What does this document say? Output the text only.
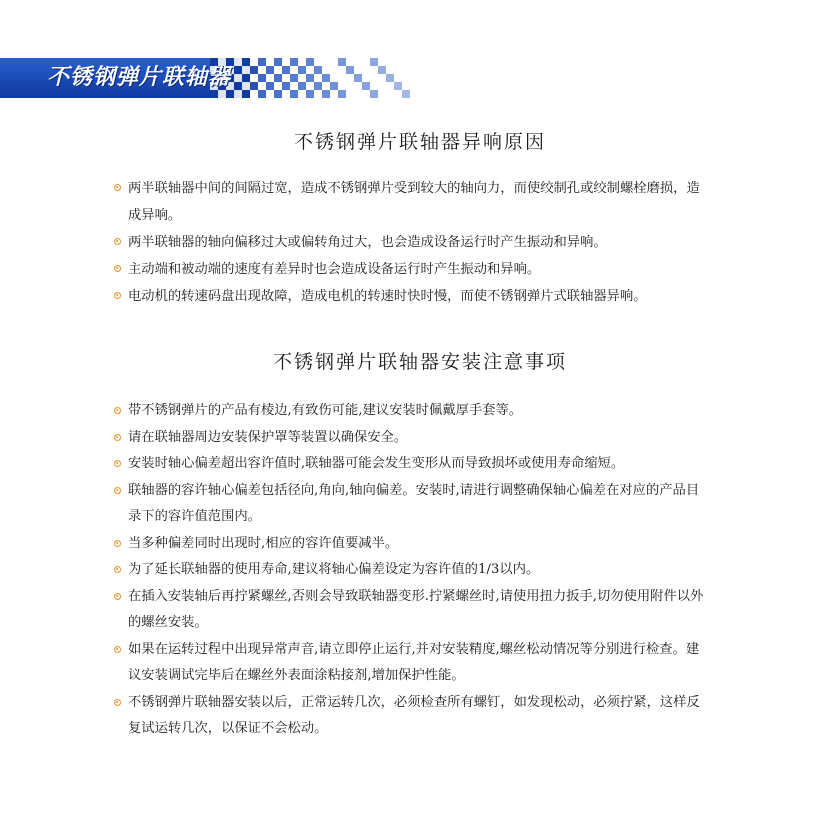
不锈钢弹片联轴器
不锈钢弹片联轴器异响原因
两半联轴器中间的间隔过宽，造成不锈钢弹片受到较大的轴向力，而使绞制孔或绞制螺栓磨损，造成异响。
两半联轴器的轴向偏移过大或偏转角过大，也会造成设备运行时产生振动和异响。
主动端和被动端的速度有差异时也会造成设备运行时产生振动和异响。
电动机的转速码盘出现故障，造成电机的转速时快时慢，而使不锈钢弹片式联轴器异响。
不锈钢弹片联轴器安装注意事项
带不锈钢弹片的产品有棱边,有致伤可能,建议安装时佩戴厚手套等。
请在联轴器周边安装保护罩等装置以确保安全。
安装时轴心偏差超出容许值时,联轴器可能会发生变形从而导致损坏或使用寿命缩短。
联轴器的容许轴心偏差包括径向,角向,轴向偏差。安装时,请进行调整确保轴心偏差在对应的产品目录下的容许值范围内。
当多种偏差同时出现时,相应的容许值要减半。
为了延长联轴器的使用寿命,建议将轴心偏差设定为容许值的1/3以内。
在插入安装轴后再拧紧螺丝,否则会导致联轴器变形.拧紧螺丝时,请使用扭力扳手,切勿使用附件以外的螺丝安装。
如果在运转过程中出现异常声音,请立即停止运行,并对安装精度,螺丝松动情况等分别进行检查。建议安装调试完毕后在螺丝外表面涂粘接剂,增加保护性能。
不锈钢弹片联轴器安装以后，正常运转几次，必须检查所有螺钉，如发现松动，必须拧紧，这样反复试运转几次，以保证不会松动。
